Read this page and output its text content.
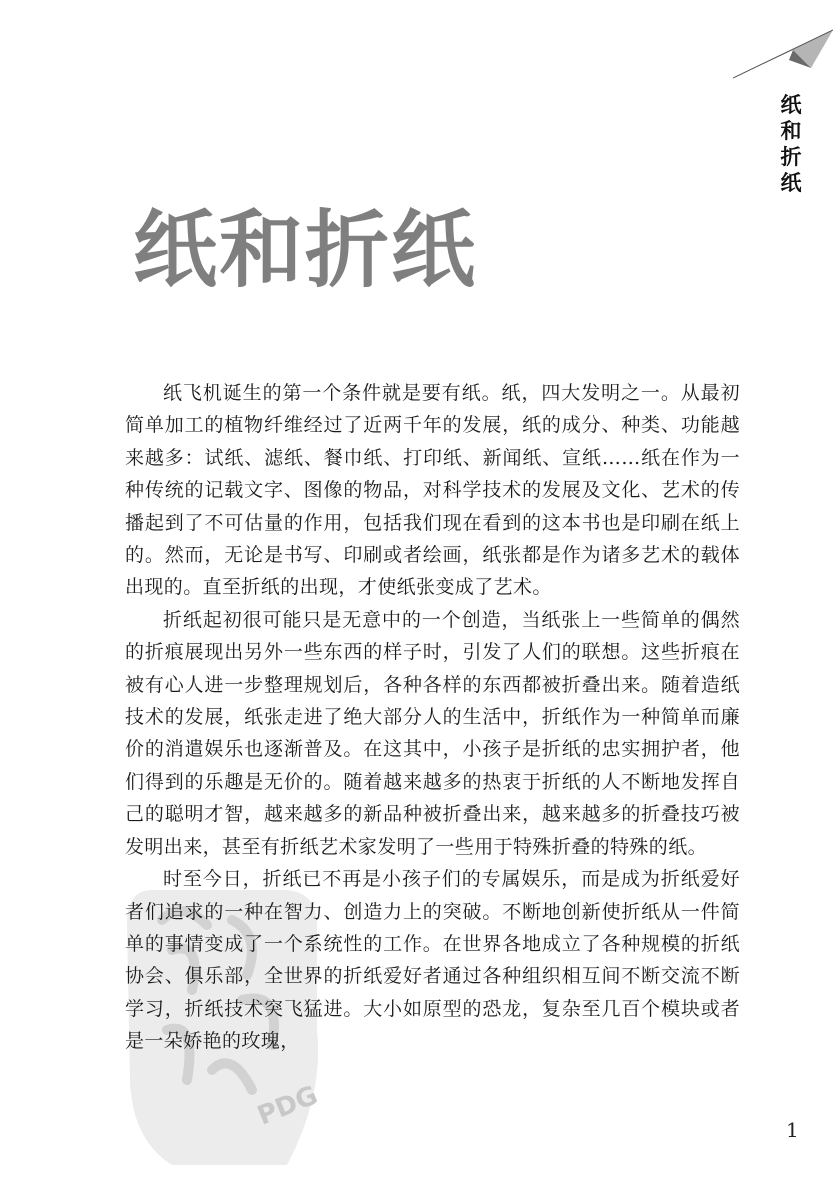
纸
和
折
纸
纸和折纸
PDG

纸飞机诞生的第一个条件就是要有纸。纸，四大发明之一。从最初简单加工的植物纤维经过了近两千年的发展，纸的成分、种类、功能越来越多：试纸、滤纸、餐巾纸、打印纸、新闻纸、宣纸……纸在作为一种传统的记载文字、图像的物品，对科学技术的发展及文化、艺术的传播起到了不可估量的作用，包括我们现在看到的这本书也是印刷在纸上的。然而，无论是书写、印刷或者绘画，纸张都是作为诸多艺术的载体出现的。直至折纸的出现，才使纸张变成了艺术。

折纸起初很可能只是无意中的一个创造，当纸张上一些简单的偶然的折痕展现出另外一些东西的样子时，引发了人们的联想。这些折痕在被有心人进一步整理规划后，各种各样的东西都被折叠出来。随着造纸技术的发展，纸张走进了绝大部分人的生活中，折纸作为一种简单而廉价的消遣娱乐也逐渐普及。在这其中，小孩子是折纸的忠实拥护者，他们得到的乐趣是无价的。随着越来越多的热衷于折纸的人不断地发挥自己的聪明才智，越来越多的新品种被折叠出来，越来越多的折叠技巧被发明出来，甚至有折纸艺术家发明了一些用于特殊折叠的特殊的纸。

时至今日，折纸已不再是小孩子们的专属娱乐，而是成为折纸爱好者们追求的一种在智力、创造力上的突破。不断地创新使折纸从一件简单的事情变成了一个系统性的工作。在世界各地成立了各种规模的折纸协会、俱乐部，全世界的折纸爱好者通过各种组织相互间不断交流不断学习，折纸技术突飞猛进。大小如原型的恐龙，复杂至几百个模块或者是一朵娇艳的玫瑰，

1
